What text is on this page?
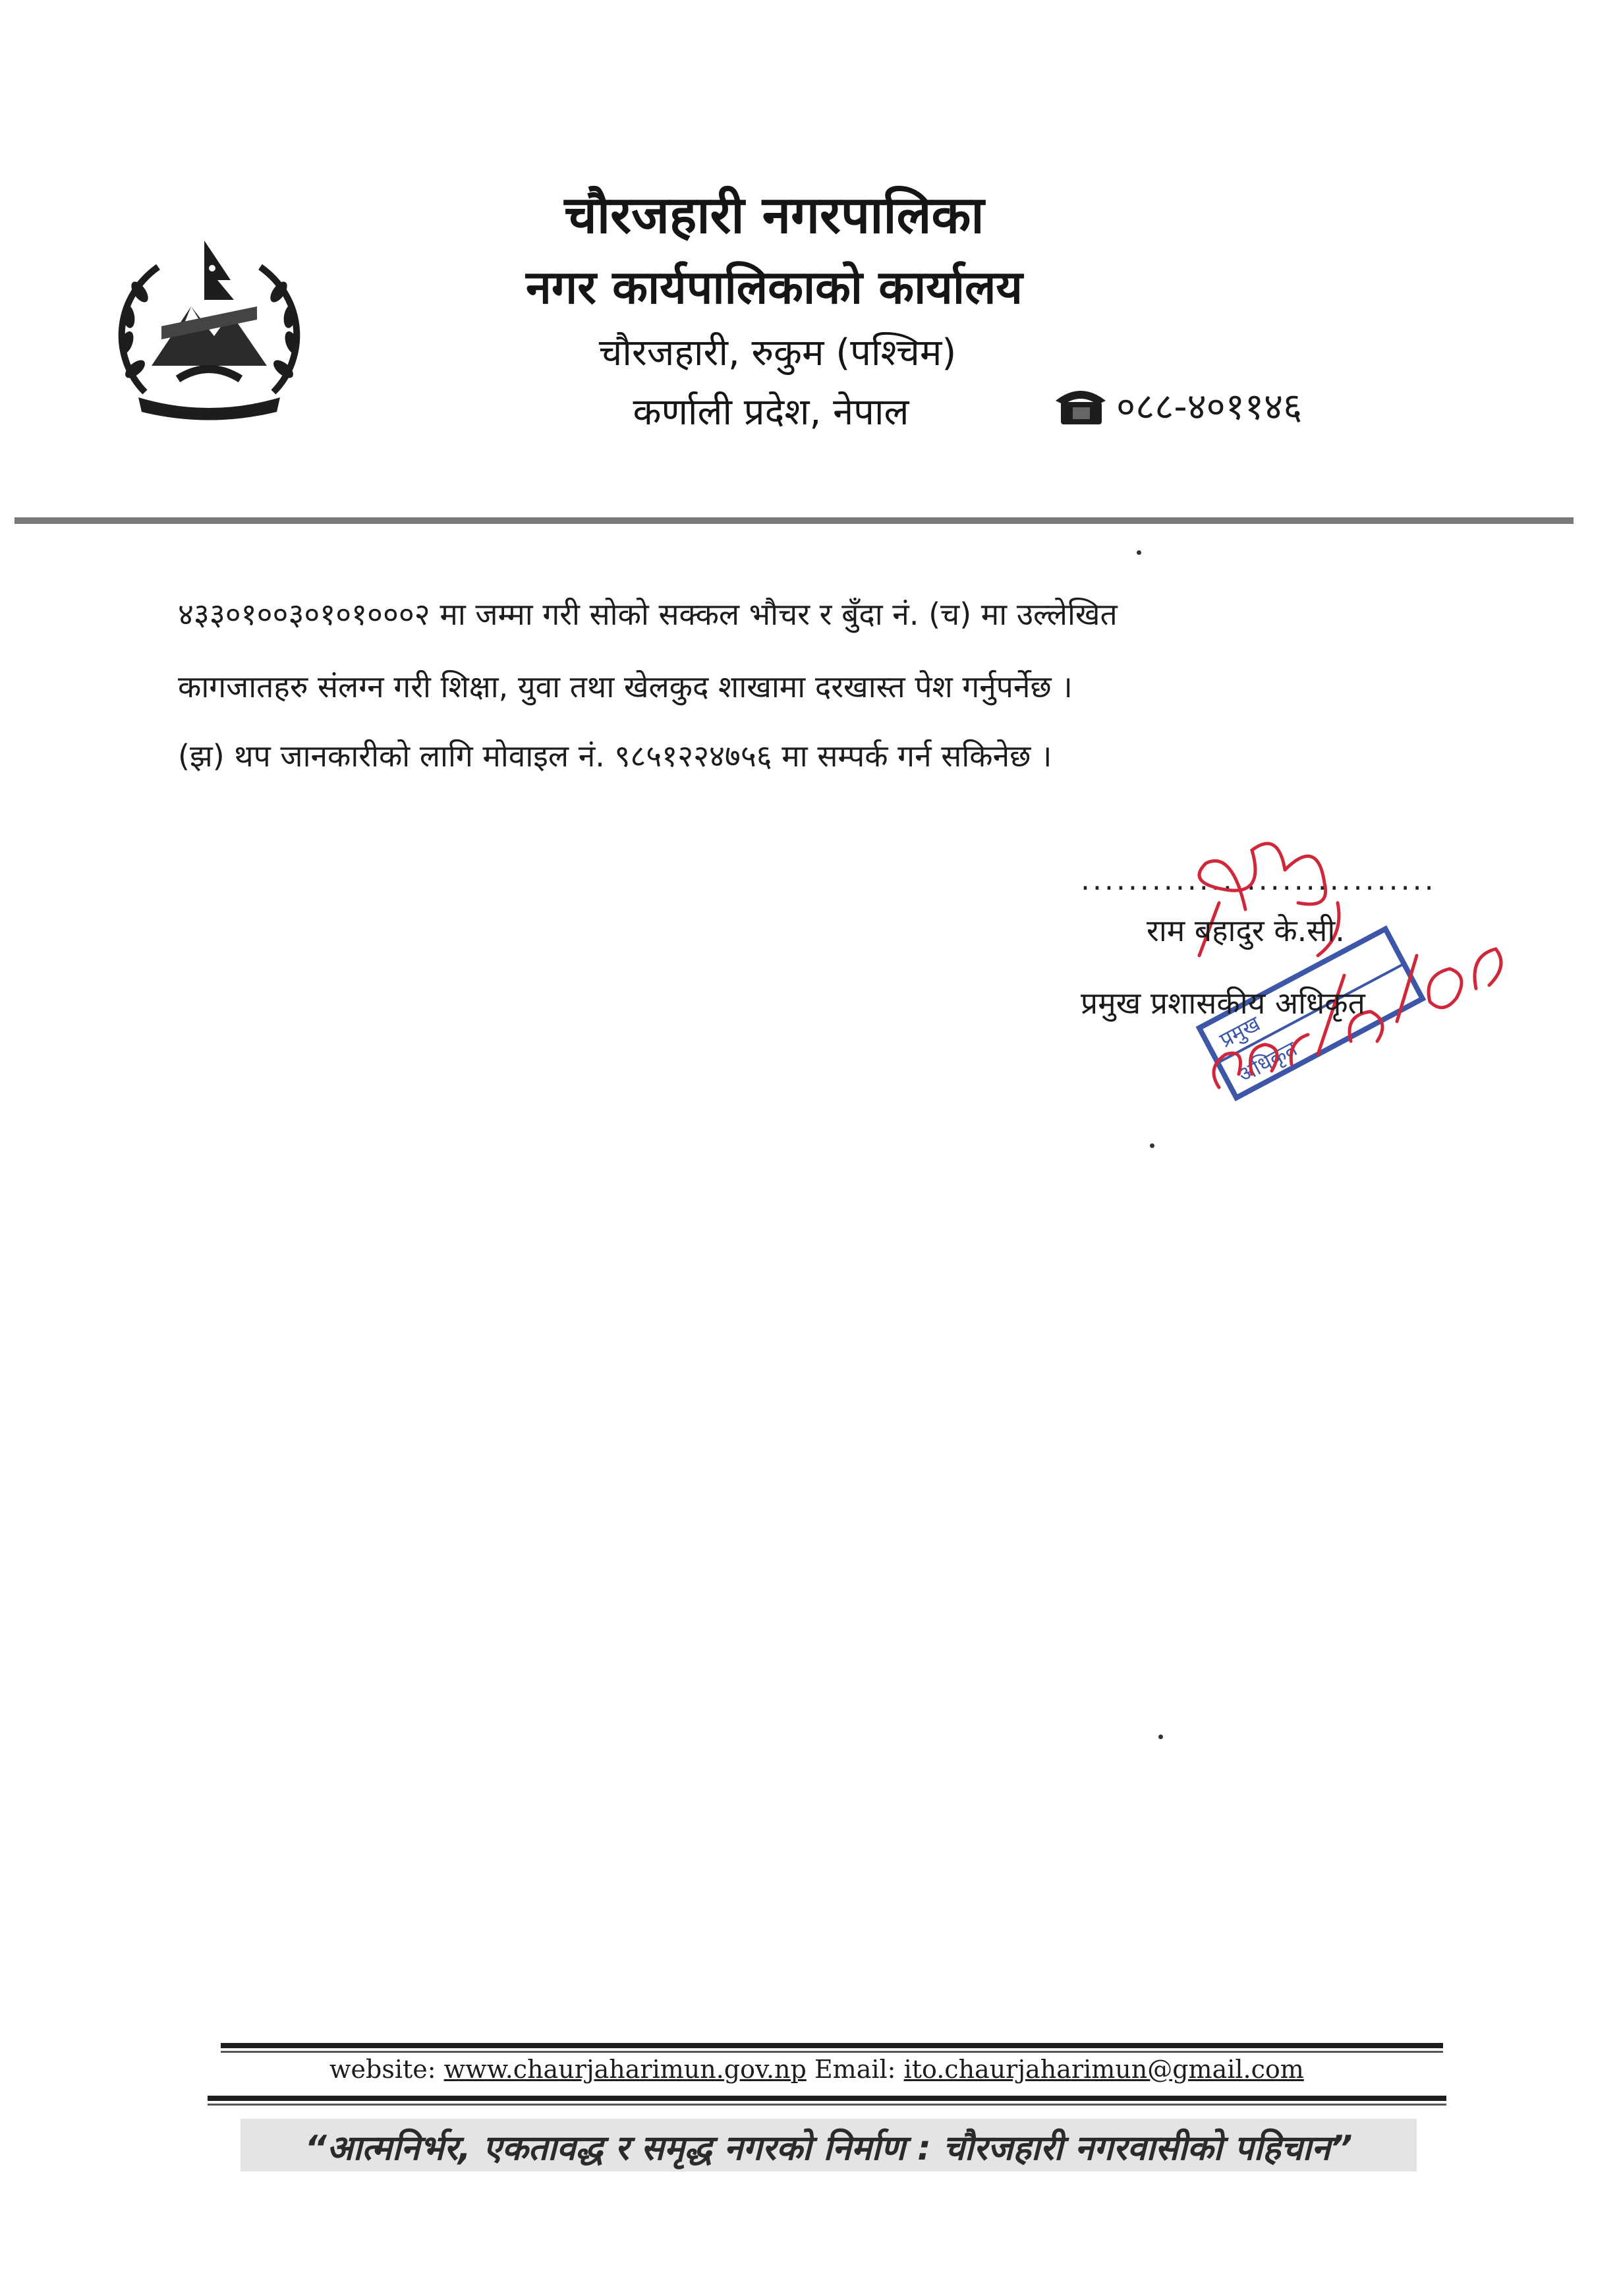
चौरजहारी नगरपालिका
नगर कार्यपालिकाको कार्यालय
चौरजहारी, रुकुम (पश्चिम)
कर्णाली प्रदेश, नेपाल	०८८-४०११४६
४३३०१००३०१०१०००२ मा जम्मा गरी सोको सक्कल भौचर र बुँदा नं. (च) मा उल्लेखित
कागजातहरु संलग्न गरी शिक्षा, युवा तथा खेलकुद शाखामा दरखास्त पेश गर्नुपर्नेछ ।
(झ) थप जानकारीको लागि मोवाइल नं. ९८५१२२४७५६ मा सम्पर्क गर्न सकिनेछ ।
..............................
प्रमुख
अधिकृत
राम बहादुर के.सी.
प्रमुख प्रशासकीय अधिकृत
website: www.chaurjaharimun.gov.np Email: ito.chaurjaharimun@gmail.com
“आत्मनिर्भर, एकतावद्ध र समृद्ध नगरको निर्माण : चौरजहारी नगरवासीको पहिचान”
